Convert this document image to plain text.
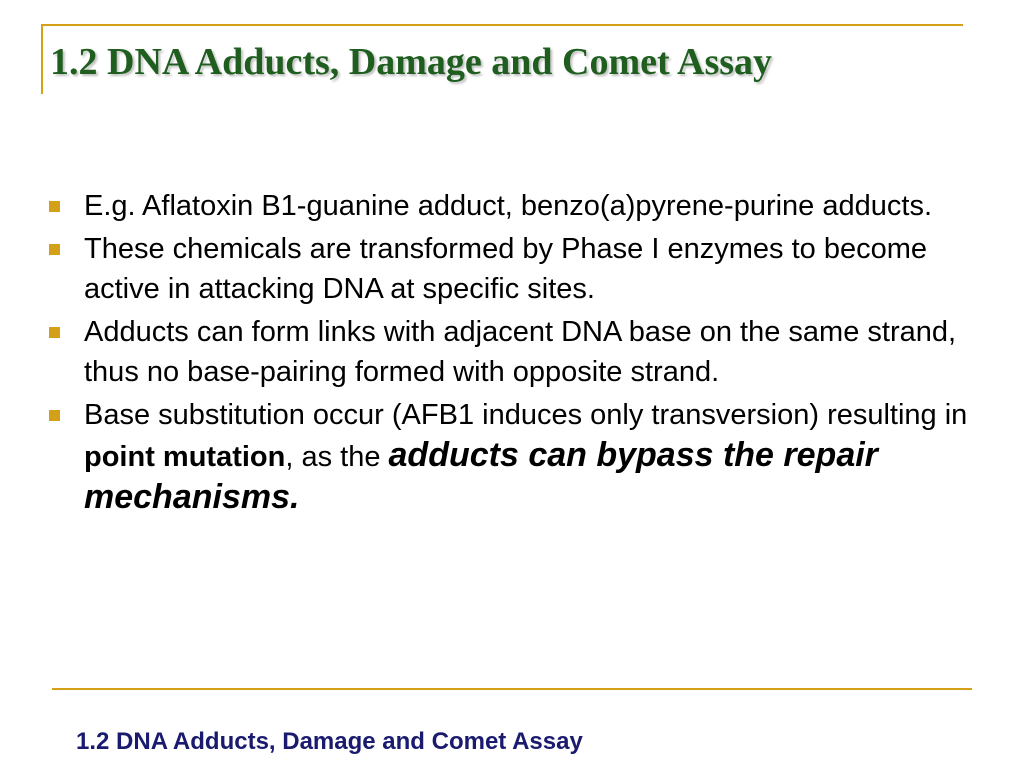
1.2 DNA Adducts, Damage and Comet Assay
E.g. Aflatoxin B1-guanine adduct, benzo(a)pyrene-purine adducts.
These chemicals are transformed by Phase I enzymes to become active in attacking DNA at specific sites.
Adducts can form links with adjacent DNA base on the same strand, thus no base-pairing formed with opposite strand.
Base substitution occur (AFB1 induces only transversion) resulting in point mutation, as the adducts can bypass the repair mechanisms.

1.2 DNA Adducts, Damage and Comet Assay
